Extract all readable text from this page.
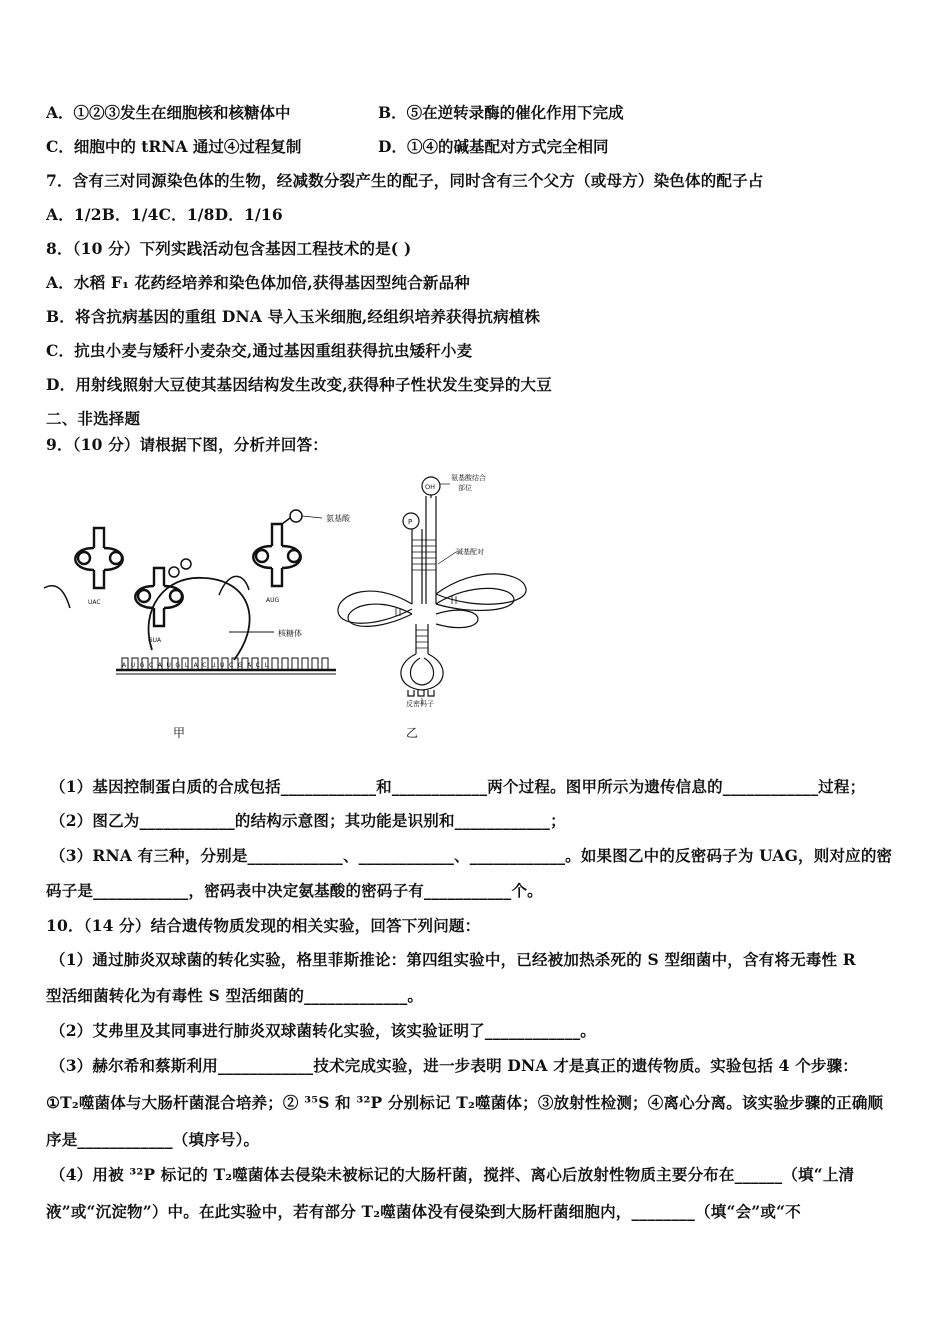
A．①②③发生在细胞核和核糖体中	B．⑤在逆转录酶的催化作用下完成
C．细胞中的 tRNA 通过④过程复制	D．①④的碱基配对方式完全相同
7．含有三对同源染色体的生物，经减数分裂产生的配子，同时含有三个父方（或母方）染色体的配子占
A．1/2B．1/4C．1/8D．1/16
8．（10 分）下列实践活动包含基因工程技术的是( )
A．水稻 F₁ 花药经培养和染色体加倍,获得基因型纯合新品种
B．将含抗病基因的重组 DNA 导入玉米细胞,经组织培养获得抗病植株
C．抗虫小麦与矮秆小麦杂交,通过基因重组获得抗虫矮秆小麦
D．用射线照射大豆使其基因结构发生改变,获得种子性状发生变异的大豆
二、非选择题
9．（10 分）请根据下图，分析并回答：
氨基酸
核糖体
UAC
GUA
AUG
AUGCAUGUACUUCGACU
甲
OH
P
氨基酸结合
部位
碱基配对
反密码子
乙
（1）基因控制蛋白质的合成包括____________和____________两个过程。图甲所示为遗传信息的____________过程；
（2）图乙为____________的结构示意图；其功能是识别和____________；
（3）RNA 有三种，分别是____________、____________、____________。如果图乙中的反密码子为 UAG，则对应的密
码子是____________，密码表中决定氨基酸的密码子有___________个。
10．（14 分）结合遗传物质发现的相关实验，回答下列问题：
（1）通过肺炎双球菌的转化实验，格里菲斯推论：第四组实验中，已经被加热杀死的 S 型细菌中，含有将无毒性 R
型活细菌转化为有毒性 S 型活细菌的_____________。
（2）艾弗里及其同事进行肺炎双球菌转化实验，该实验证明了____________。
（3）赫尔希和蔡斯利用____________技术完成实验，进一步表明 DNA 才是真正的遗传物质。实验包括 4 个步骤：
①T₂噬菌体与大肠杆菌混合培养；② ³⁵S 和 ³²P 分别标记 T₂噬菌体；③放射性检测；④离心分离。该实验步骤的正确顺
序是____________（填序号）。
（4）用被 ³²P 标记的 T₂噬菌体去侵染未被标记的大肠杆菌，搅拌、离心后放射性物质主要分布在______（填“上清
液”或“沉淀物”）中。在此实验中，若有部分 T₂噬菌体没有侵染到大肠杆菌细胞内，________（填“会”或“不
